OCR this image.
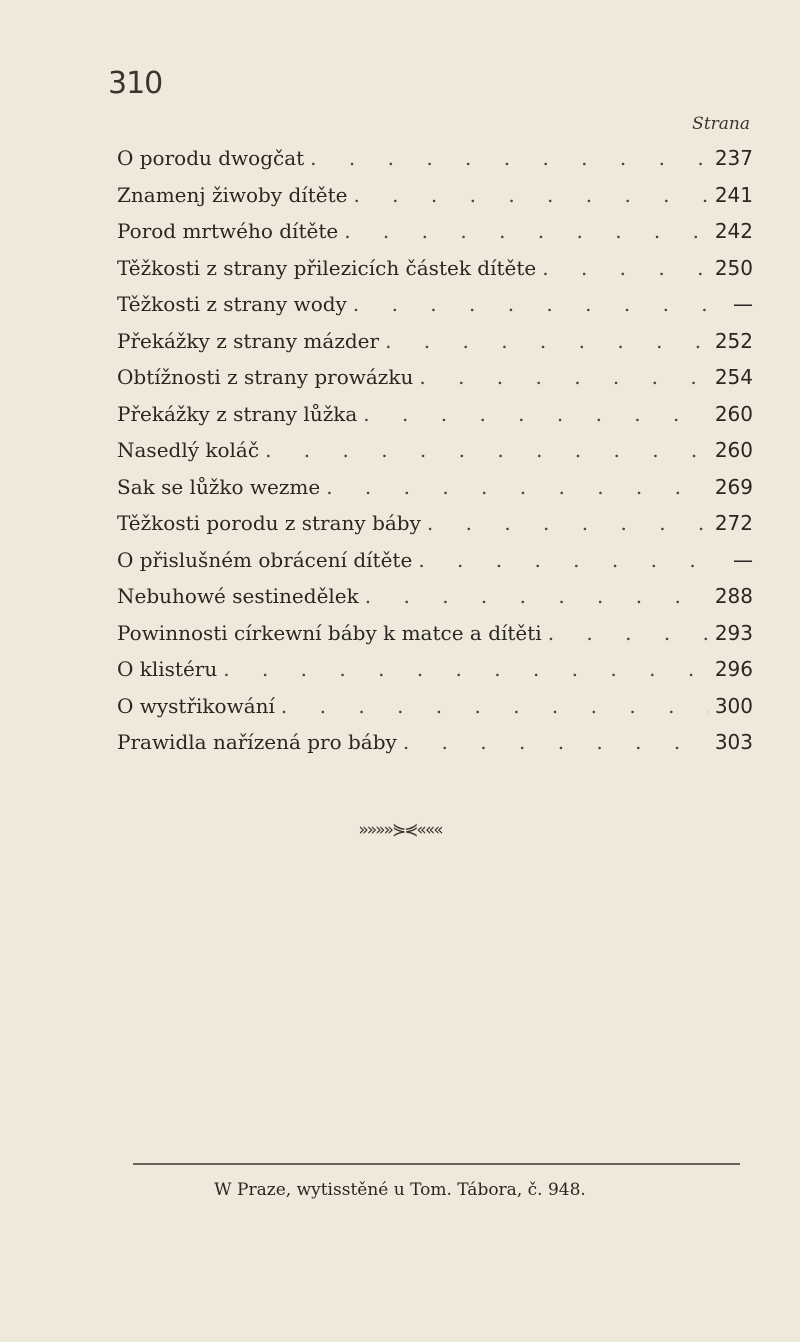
310
Strana
O porodu dwogčat . . .	237
Znamenj žiwoby dítěte . . .	241
Porod mrtwého dítěte . . .	242
Těžkosti z strany přilezicích částek dítěte . . .	250
Těžkosti z strany wody . . .	—
Překážky z strany mázder . . .	252
Obtížnosti z strany prowázku . . .	254
Překážky z strany lůžka . . .	260
Nasedlý koláč . . .	260
Sak se lůžko wezme . . .	269
Těžkosti porodu z strany báby . . .	272
O přislušném obrácení dítěte . . .	—
Nebuhowé sestinedělek . . .	288
Powinnosti církewní báby k matce a dítěti . . .	293
O klistéru . . .	296
O wystřikowání . . .	300
Prawidla nařízená pro báby . . .	303
»»»»⋟⋞«««
W Praze, wytisstěné u Tom. Tábora, č. 948.
